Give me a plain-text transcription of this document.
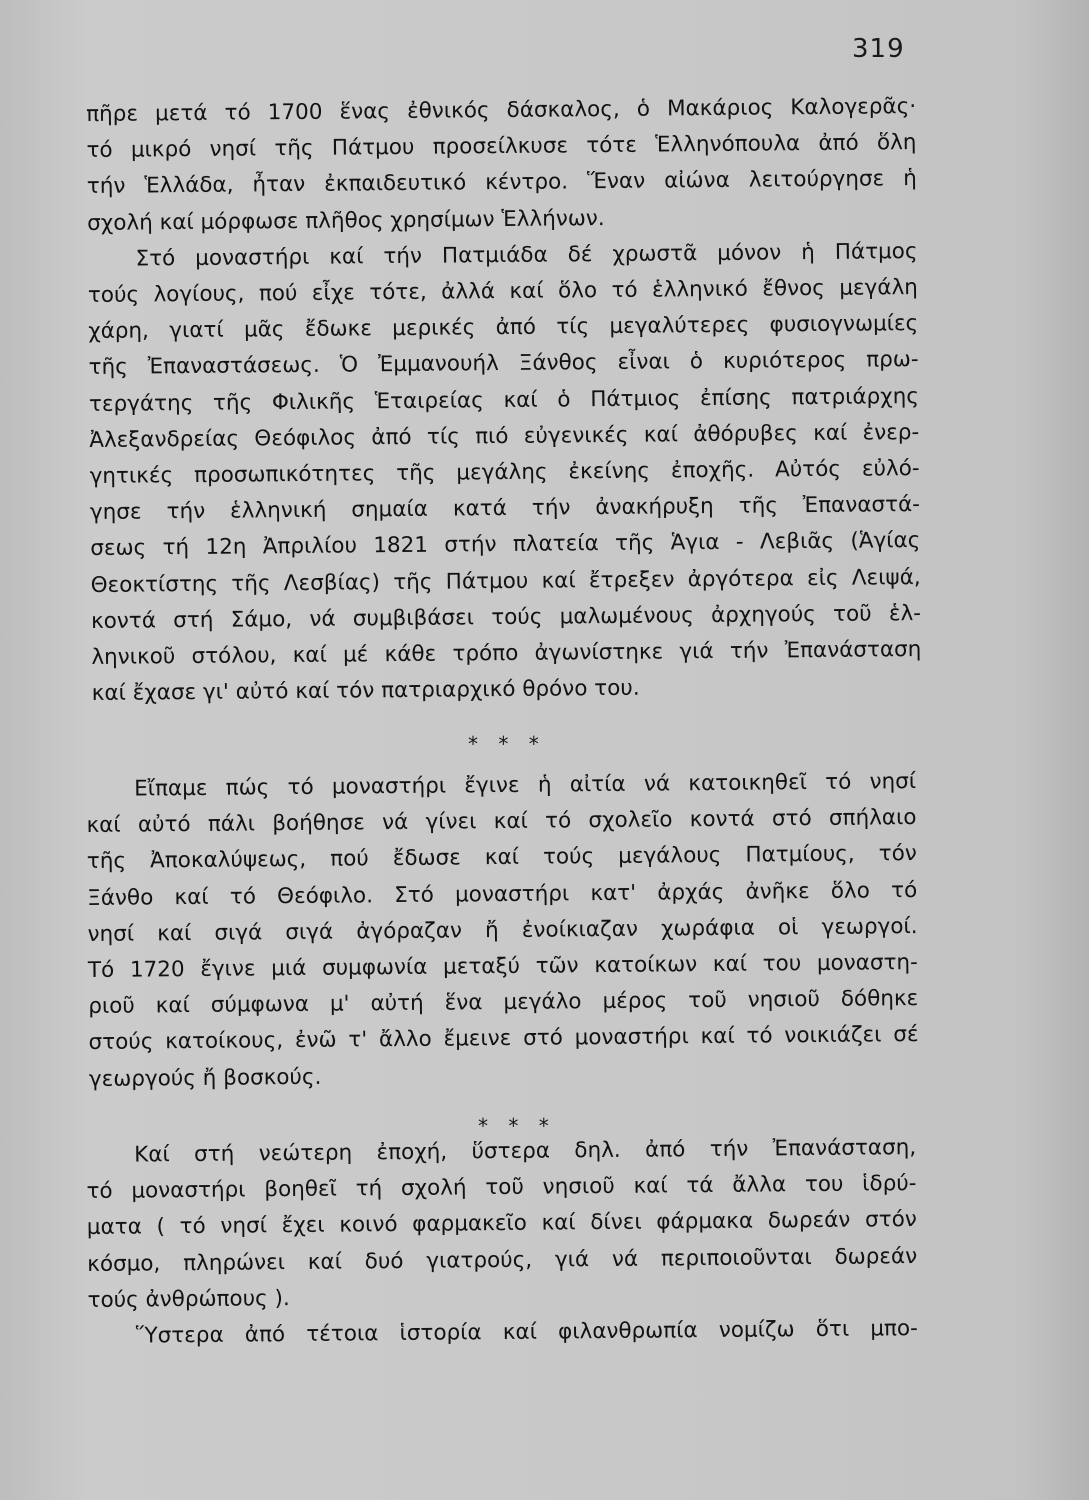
319
πῆρε μετά τό 1700 ἕνας ἐθνικός δάσκαλος, ὁ Μακάριος Καλογερᾶς·
τό μικρό νησί τῆς Πάτμου προσείλκυσε τότε Ἑλληνόπουλα ἀπό ὅλη
τήν Ἑλλάδα, ἦταν ἐκπαιδευτικό κέντρο. Ἕναν αἰώνα λειτούργησε ἡ
σχολή καί μόρφωσε πλῆθος χρησίμων Ἑλλήνων.
Στό μοναστήρι καί τήν Πατμιάδα δέ χρωστᾶ μόνον ἡ Πάτμος
τούς λογίους, πού εἶχε τότε, ἀλλά καί ὅλο τό ἑλληνικό ἔθνος μεγάλη
χάρη, γιατί μᾶς ἔδωκε μερικές ἀπό τίς μεγαλύτερες φυσιογνωμίες
τῆς Ἐπαναστάσεως. Ὁ Ἐμμανουήλ Ξάνθος εἶναι ὁ κυριότερος πρω-
τεργάτης τῆς Φιλικῆς Ἑταιρείας καί ὁ Πάτμιος ἐπίσης πατριάρχης
Ἀλεξανδρείας Θεόφιλος ἀπό τίς πιό εὐγενικές καί ἀθόρυβες καί ἐνερ-
γητικές προσωπικότητες τῆς μεγάλης ἐκείνης ἐποχῆς. Αὐτός εὐλό-
γησε τήν ἑλληνική σημαία κατά τήν ἀνακήρυξη τῆς Ἐπαναστά-
σεως τή 12η Ἀπριλίου 1821 στήν πλατεία τῆς Ἁγια - Λεβιᾶς (Ἁγίας
Θεοκτίστης τῆς Λεσβίας) τῆς Πάτμου καί ἔτρεξεν ἀργότερα εἰς Λειψά,
κοντά στή Σάμο, νά συμβιβάσει τούς μαλωμένους ἀρχηγούς τοῦ ἑλ-
ληνικοῦ στόλου, καί μέ κάθε τρόπο ἀγωνίστηκε γιά τήν Ἐπανάσταση
καί ἔχασε γι' αὐτό καί τόν πατριαρχικό θρόνο του.
* * *
Εἴπαμε πώς τό μοναστήρι ἔγινε ἡ αἰτία νά κατοικηθεῖ τό νησί
καί αὐτό πάλι βοήθησε νά γίνει καί τό σχολεῖο κοντά στό σπήλαιο
τῆς Ἀποκαλύψεως, πού ἔδωσε καί τούς μεγάλους Πατμίους, τόν
Ξάνθο καί τό Θεόφιλο. Στό μοναστήρι κατ' ἀρχάς ἀνῆκε ὅλο τό
νησί καί σιγά σιγά ἀγόραζαν ἤ ἐνοίκιαζαν χωράφια οἱ γεωργοί.
Τό 1720 ἔγινε μιά συμφωνία μεταξύ τῶν κατοίκων καί του μοναστη-
ριοῦ καί σύμφωνα μ' αὐτή ἕνα μεγάλο μέρος τοῦ νησιοῦ δόθηκε
στούς κατοίκους, ἐνῶ τ' ἄλλο ἔμεινε στό μοναστήρι καί τό νοικιάζει σέ
γεωργούς ἤ βοσκούς.
* * *
Καί στή νεώτερη ἐποχή, ὕστερα δηλ. ἀπό τήν Ἐπανάσταση,
τό μοναστήρι βοηθεῖ τή σχολή τοῦ νησιοῦ καί τά ἄλλα του ἱδρύ-
ματα ( τό νησί ἔχει κοινό φαρμακεῖο καί δίνει φάρμακα δωρεάν στόν
κόσμο, πληρώνει καί δυό γιατρούς, γιά νά περιποιοῦνται δωρεάν
τούς ἀνθρώπους ).
Ὕστερα ἀπό τέτοια ἱστορία καί φιλανθρωπία νομίζω ὅτι μπο-
